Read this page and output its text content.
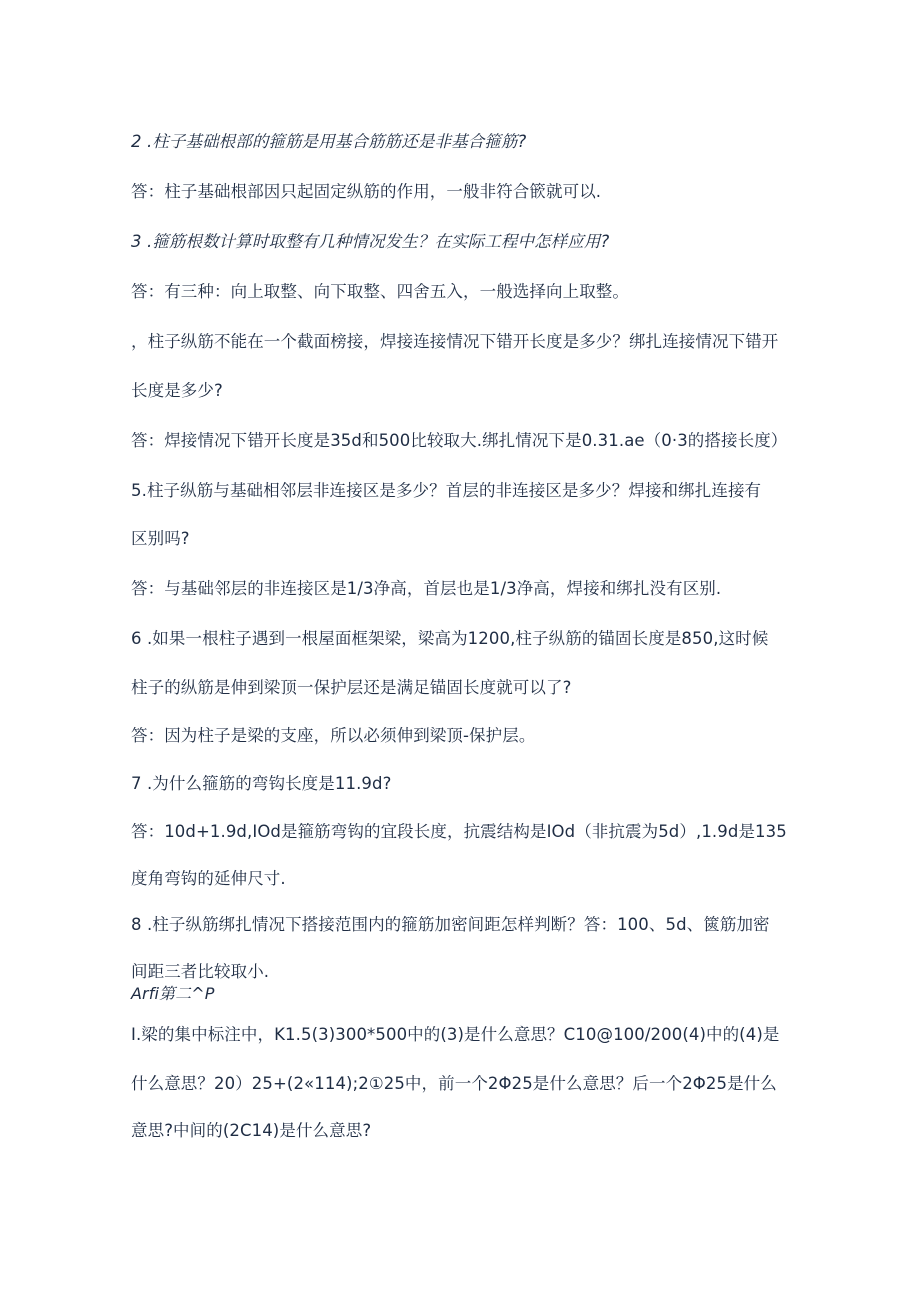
2 .柱子基础根部的箍筋是用基合筋筋还是非基合箍筋?
答：柱子基础根部因只起固定纵筋的作用，一般非符合篏就可以.
3 .箍筋根数计算时取整有几种情况发生？在实际工程中怎样应用?
答：有三种：向上取整、向下取整、四舍五入，一般选择向上取整。
，柱子纵筋不能在一个截面榜接，焊接连接情况下错开长度是多少？绑扎连接情况下错开
长度是多少?
答：焊接情况下错开长度是35d和500比较取大.绑扎情况下是0.31.ae（0·3的搭接长度）
5.柱子纵筋与基础相邻层非连接区是多少？首层的非连接区是多少？焊接和绑扎连接有
区别吗?
答：与基础邻层的非连接区是1/3净高，首层也是1/3净高，焊接和绑扎没有区别.
6 .如果一根柱子遇到一根屋面框架梁，梁高为1200,柱子纵筋的锚固长度是850,这时候
柱子的纵筋是伸到梁顶一保护层还是满足锚固长度就可以了?
答：因为柱子是梁的支座，所以必须伸到梁顶-保护层。
7 .为什么箍筋的弯钩长度是11.9d?
答：10d+1.9d,IOd是箍筋弯钩的宜段长度，抗震结构是IOd（非抗震为5d）,1.9d是135
度角弯钩的延伸尺寸.
8 .柱子纵筋绑扎情况下搭接范围内的箍筋加密间距怎样判断？答：100、5d、篋筋加密
间距三者比较取小.
Arfi第二^P
I.梁的集中标注中，K1.5(3)300*500中的(3)是什么意思？C10@100/200(4)中的(4)是
什么意思？20）25+(2«114);2①25中，前一个2Φ25是什么意思？后一个2Φ25是什么
意思?中间的(2C14)是什么意思?
